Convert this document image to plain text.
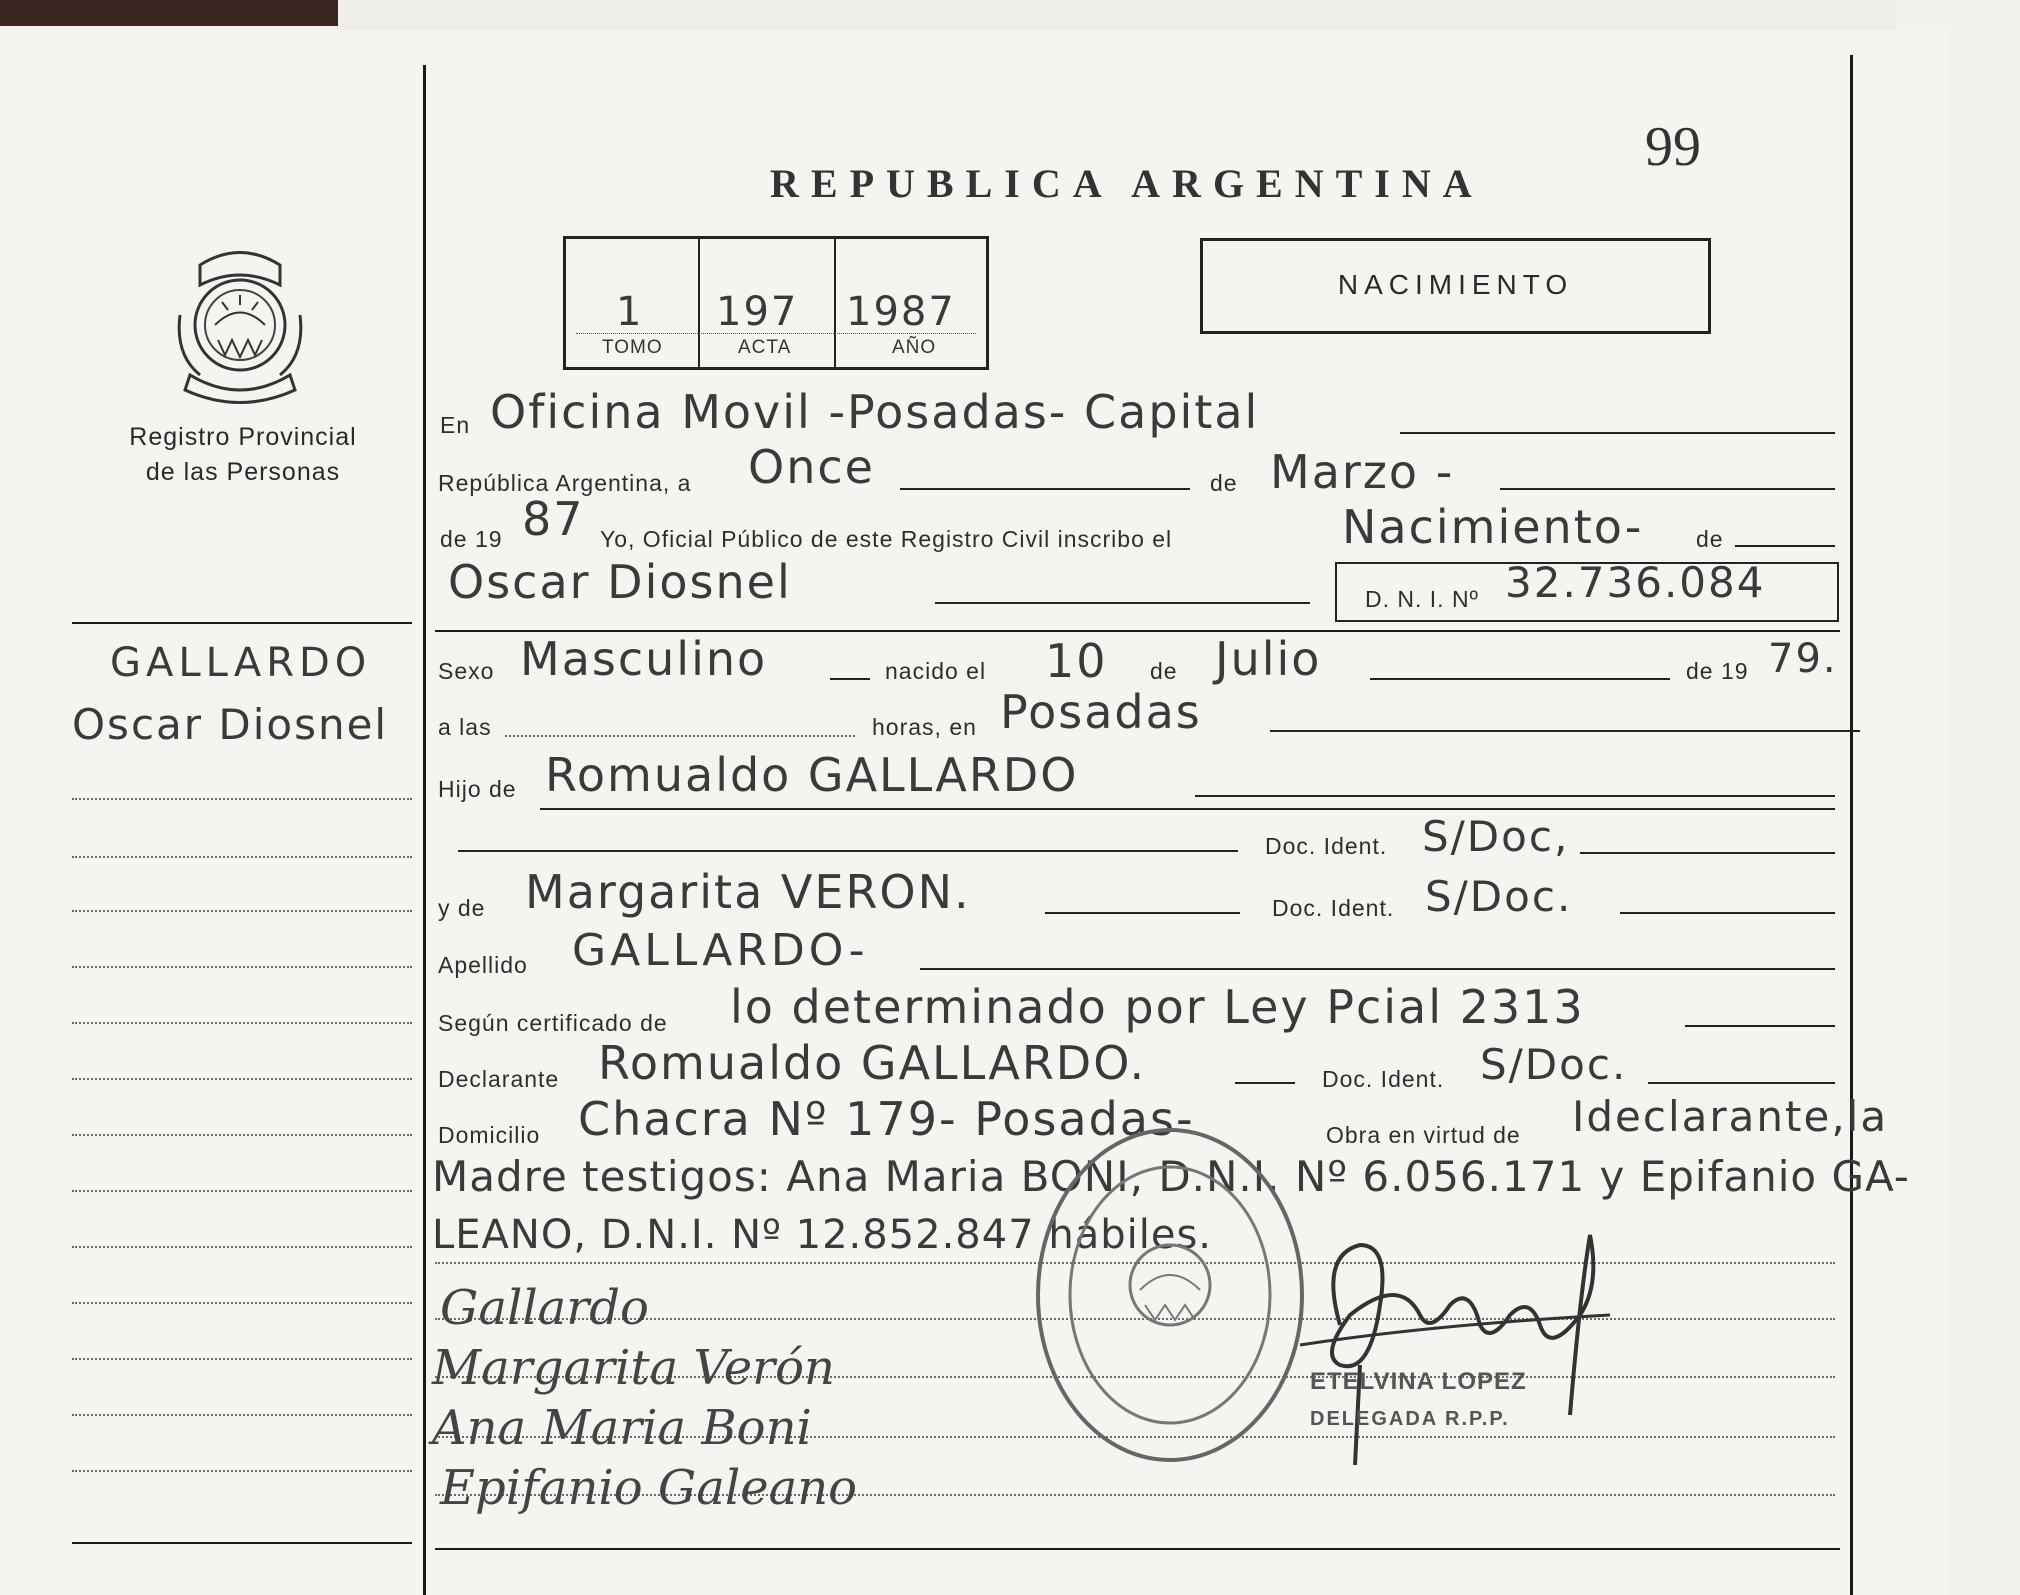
REPUBLICA ARGENTINA
99
NACIMIENTO
1
TOMO
197
ACTA
1987
AÑO
Registro Provincial
de las Personas
GALLARDO
Oscar Diosnel
En Oficina Movil -Posadas- Capital
República Argentina, a Once	de Marzo -
de 19 87 Yo, Oficial Público de este Registro Civil inscribo el	Nacimiento- de
Oscar Diosnel	D. N. I. Nº 32.736.084
Sexo Masculino	nacido el 10 de Julio	de 19 79.
a las	horas, en Posadas
Hijo de Romualdo GALLARDO
Doc. Ident. S/Doc,
y de Margarita VERON.	Doc. Ident. S/Doc.
Apellido GALLARDO-
Según certificado de lo determinado por Ley Pcial 2313
Declarante Romualdo GALLARDO.	Doc. Ident. S/Doc.
Domicilio Chacra Nº 179- Posadas-	Obra en virtud de Ideclarante,la
Madre testigos: Ana Maria BONI, D.N.I. Nº 6.056.171 y Epifanio GA-
LEANO, D.N.I. Nº 12.852.847 hábiles.
Gallardo
Margarita Verón
Ana Maria Boni
Epifanio Galeano
ETELVINA LOPEZ
DELEGADA R.P.P.
